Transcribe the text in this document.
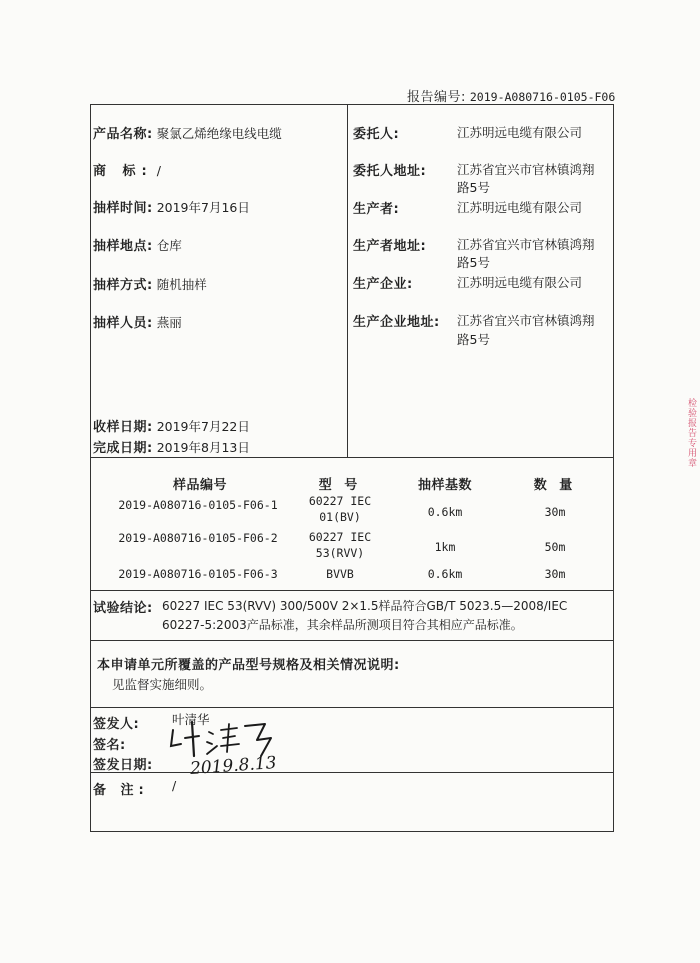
报告编号: 2019-A080716-0105-F06
产品名称: 聚氯乙烯绝缘电线电缆
商 标: /
抽样时间: 2019年7月16日
抽样地点: 仓库
抽样方式: 随机抽样
抽样人员: 燕丽
收样日期: 2019年7月22日
完成日期: 2019年8月13日
委托人:	江苏明远电缆有限公司
委托人地址: 江苏省宜兴市官林镇鸿翔
路5号
生产者:	江苏明远电缆有限公司
生产者地址: 江苏省宜兴市官林镇鸿翔
路5号
生产企业:	江苏明远电缆有限公司
生产企业地址: 江苏省宜兴市官林镇鸿翔
路5号
样品编号	型 号	抽样基数	数 量
2019-A080716-0105-F06-1	60227 IEC
01(BV)	0.6km	30m
2019-A080716-0105-F06-2	60227 IEC
53(RVV)	1km	50m
2019-A080716-0105-F06-3	BVVB	0.6km	30m
试验结论: 60227 IEC 53(RVV) 300/500V 2×1.5样品符合GB/T 5023.5—2008/IEC
60227-5:2003产品标准，其余样品所测项目符合其相应产品标准。
本申请单元所覆盖的产品型号规格及相关情况说明:
见监督实施细则。
签发人:	叶清华
签名:
签发日期: 2019.8.13
备 注: /
检验报告专用章
